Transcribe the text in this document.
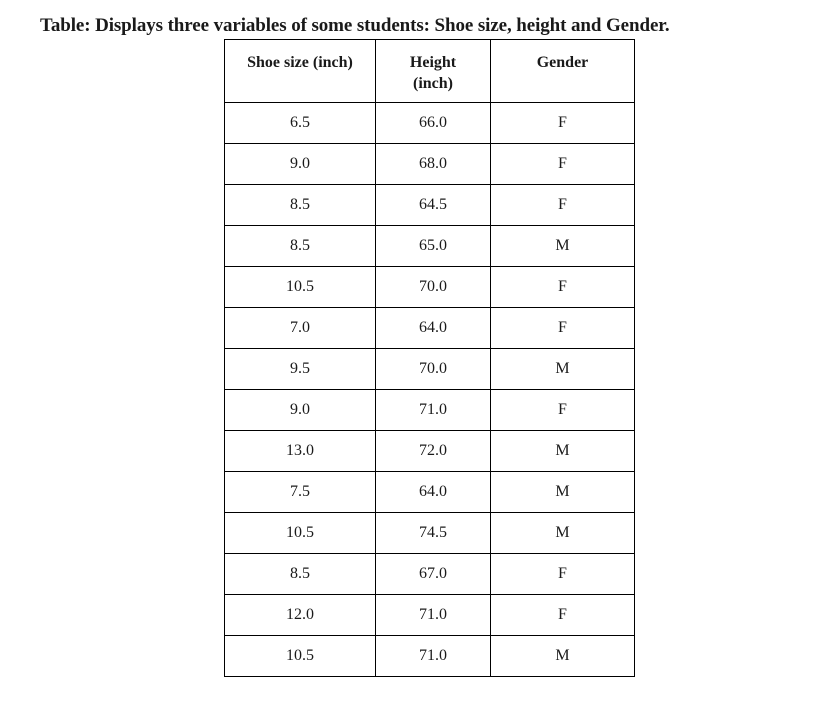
Table: Displays three variables of some students: Shoe size, height and Gender.
Shoe size (inch)	Height (inch)	Gender
6.5	66.0	F
9.0	68.0	F
8.5	64.5	F
8.5	65.0	M
10.5	70.0	F
7.0	64.0	F
9.5	70.0	M
9.0	71.0	F
13.0	72.0	M
7.5	64.0	M
10.5	74.5	M
8.5	67.0	F
12.0	71.0	F
10.5	71.0	M
